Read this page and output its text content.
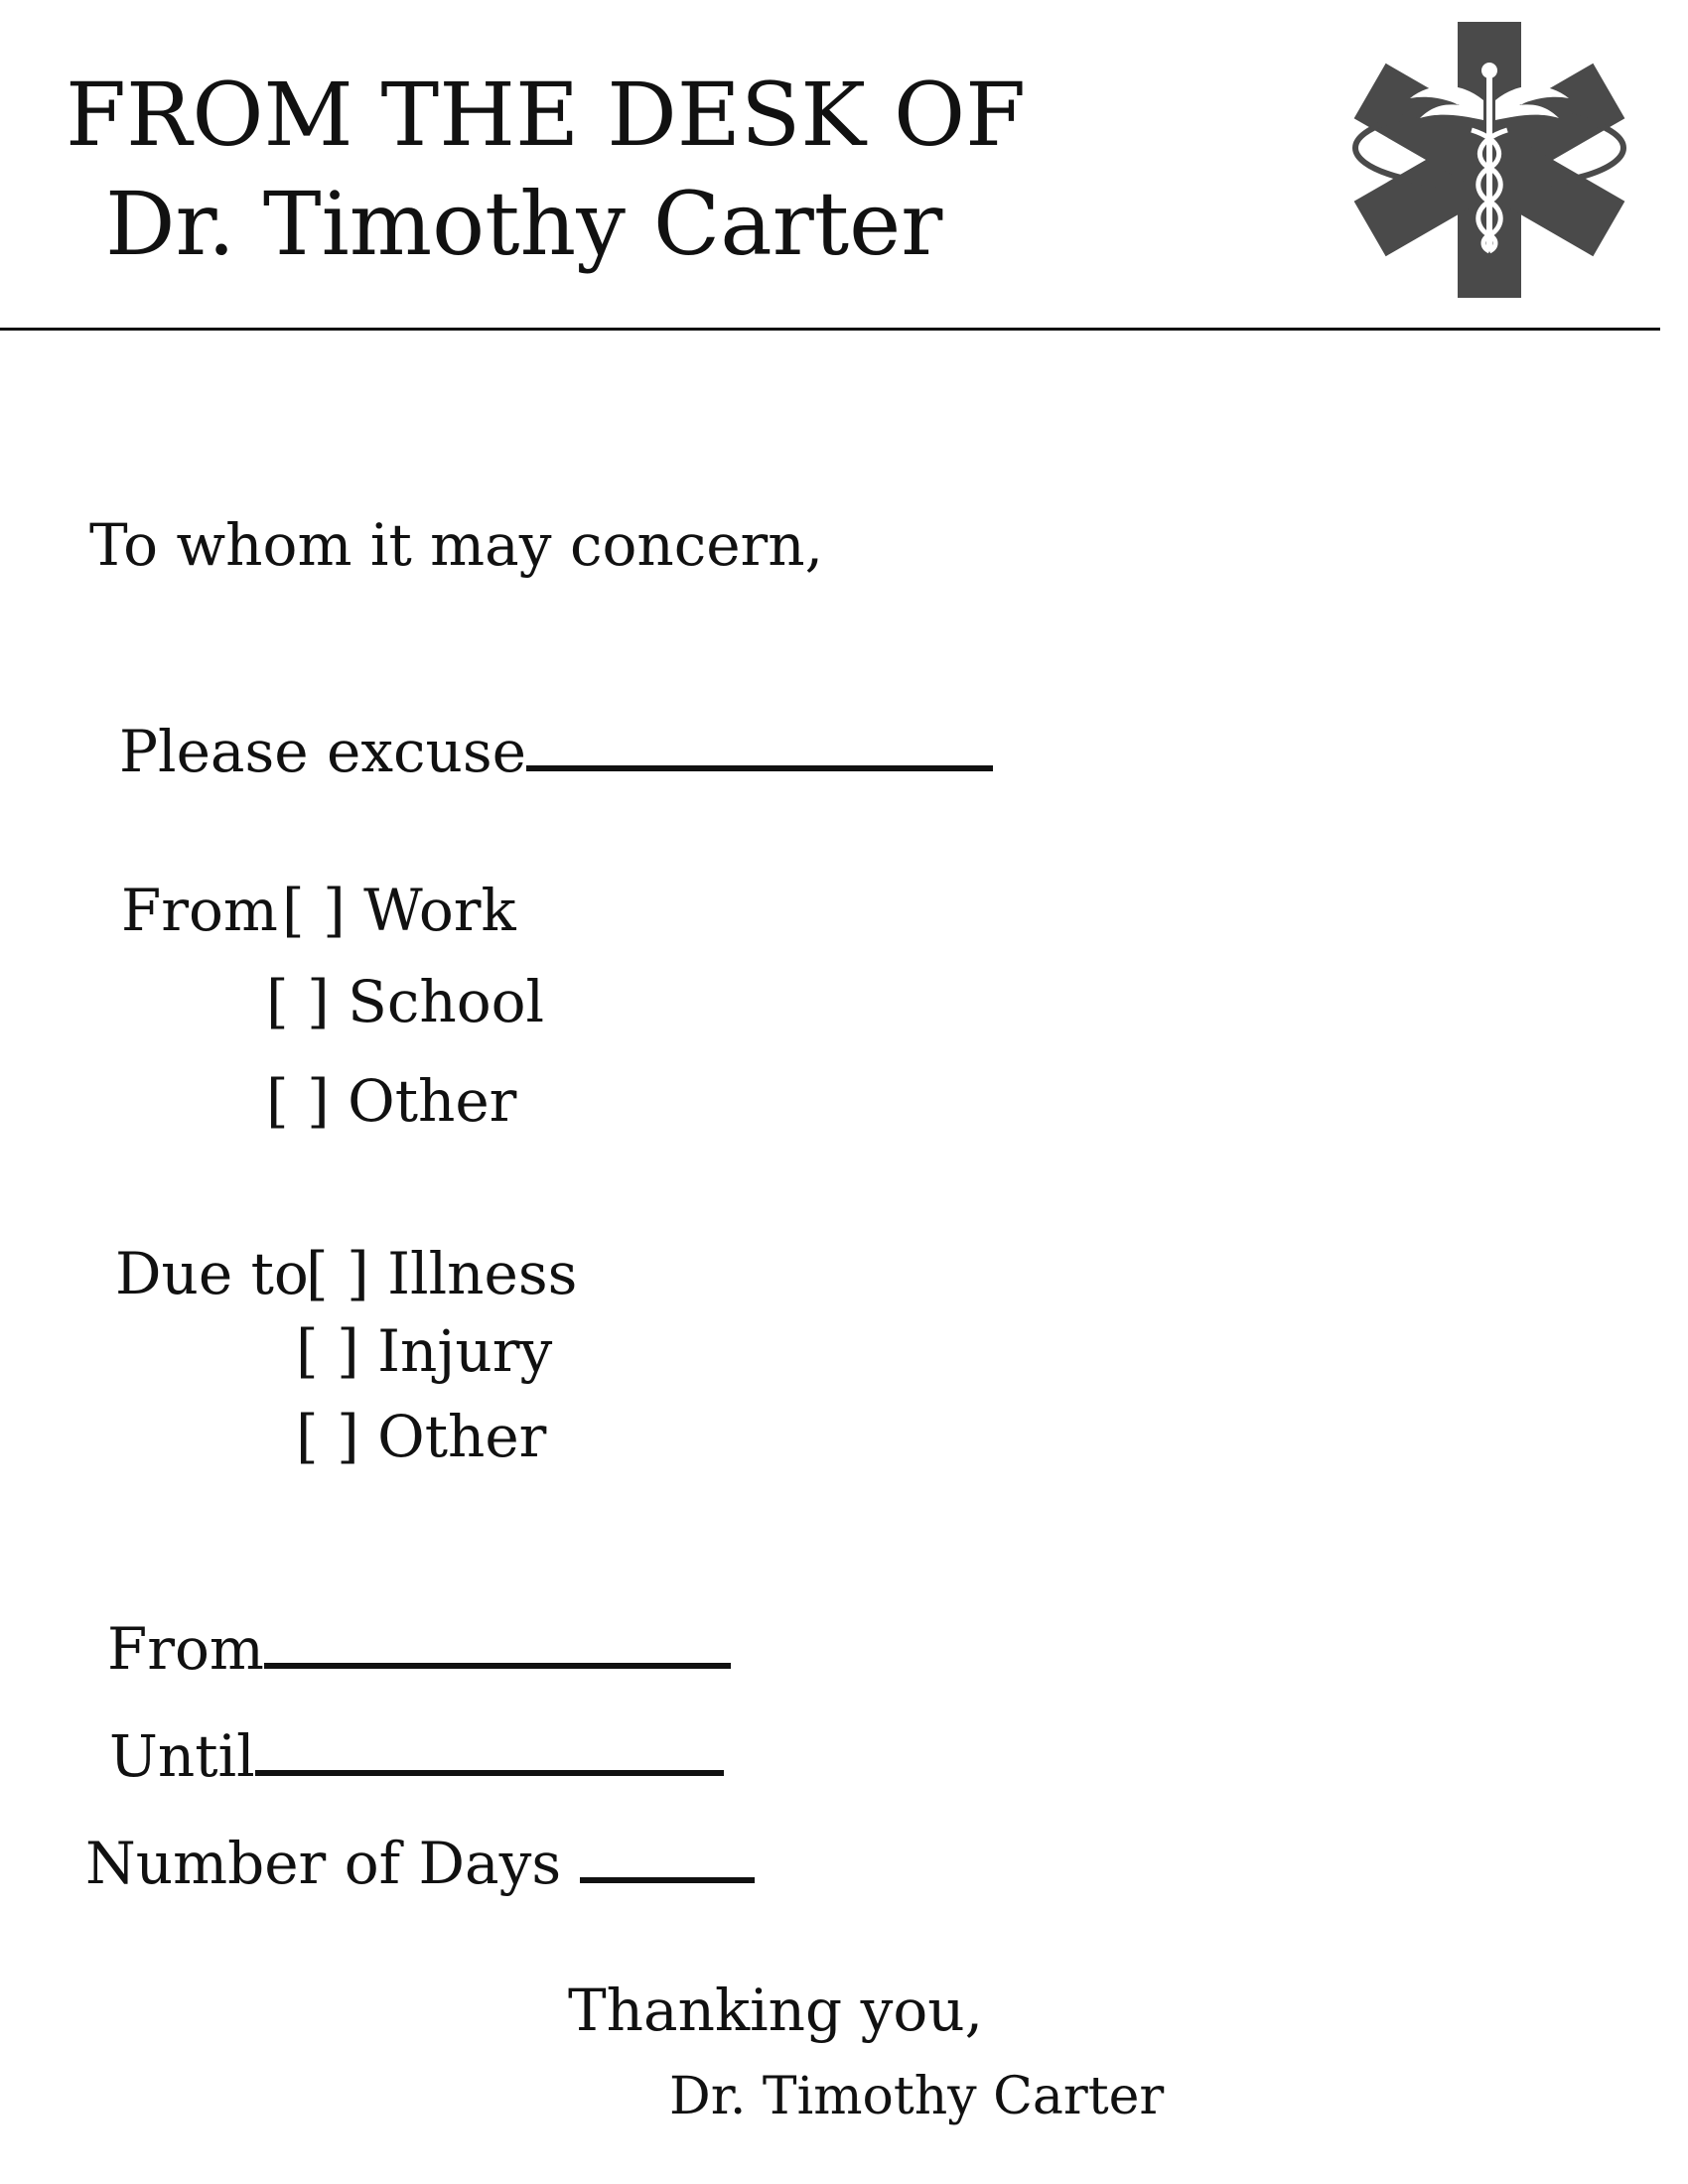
FROM THE DESK OF
Dr. Timothy Carter
To whom it may concern,
Please excuse
From [ ] Work
[ ] School
[ ] Other
Due to
[ ] Illness
[ ] Injury
[ ] Other
From
Until
Number of Days
Thanking you,
Dr. Timothy Carter
